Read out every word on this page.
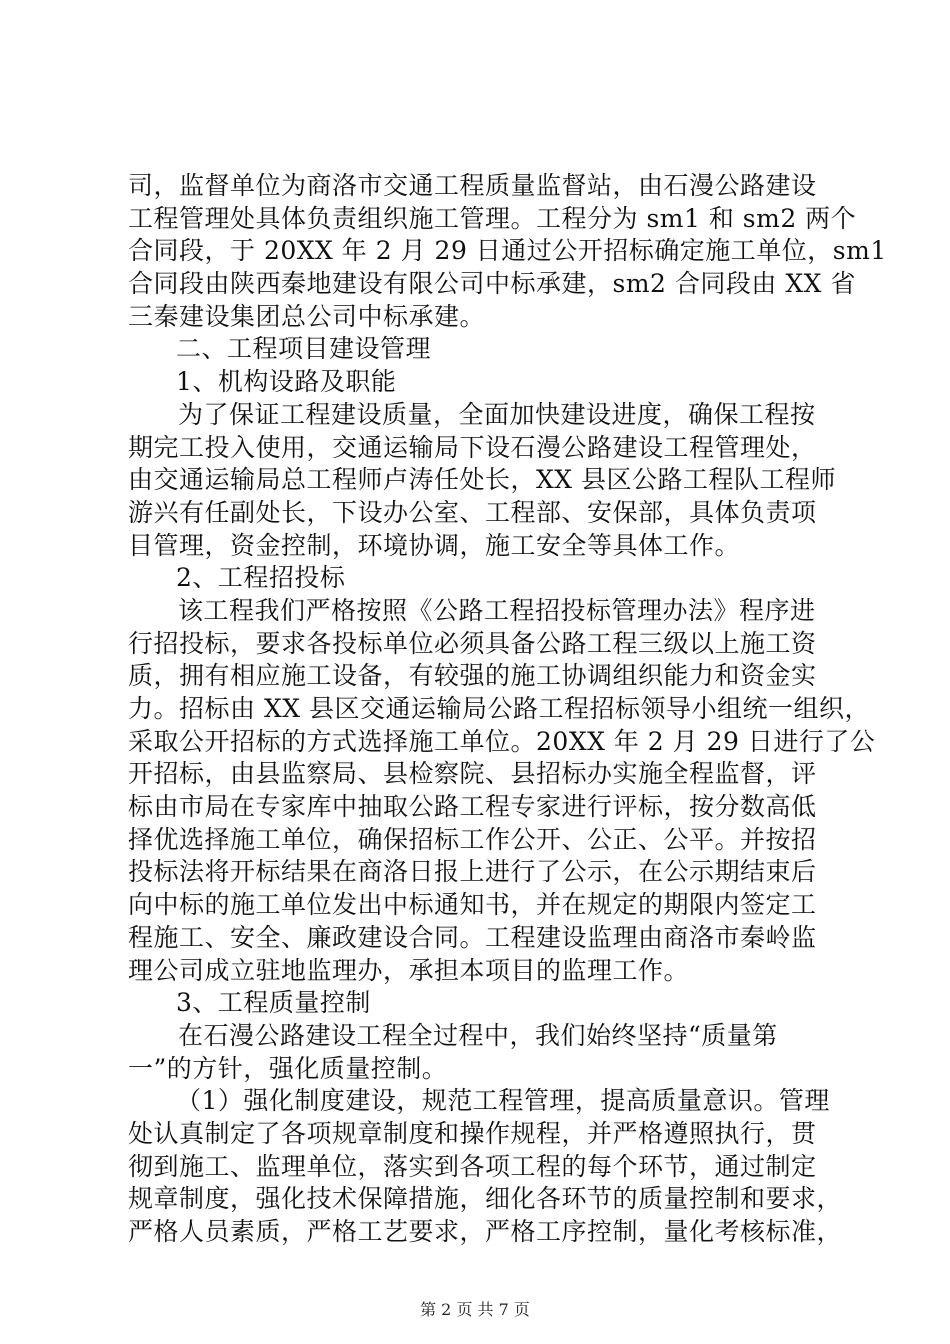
司，监督单位为商洛市交通工程质量监督站，由石漫公路建设
工程管理处具体负责组织施工管理。工程分为 sm1 和 sm2 两个
合同段，于 20XX 年 2 月 29 日通过公开招标确定施工单位，sm1
合同段由陕西秦地建设有限公司中标承建，sm2 合同段由 XX 省
三秦建设集团总公司中标承建。
二、工程项目建设管理
1、机构设路及职能
为了保证工程建设质量，全面加快建设进度，确保工程按
期完工投入使用，交通运输局下设石漫公路建设工程管理处，
由交通运输局总工程师卢涛任处长，XX 县区公路工程队工程师
游兴有任副处长，下设办公室、工程部、安保部，具体负责项
目管理，资金控制，环境协调，施工安全等具体工作。
2、工程招投标
该工程我们严格按照《公路工程招投标管理办法》程序进
行招投标，要求各投标单位必须具备公路工程三级以上施工资
质，拥有相应施工设备，有较强的施工协调组织能力和资金实
力。招标由 XX 县区交通运输局公路工程招标领导小组统一组织，
采取公开招标的方式选择施工单位。20XX 年 2 月 29 日进行了公
开招标，由县监察局、县检察院、县招标办实施全程监督，评
标由市局在专家库中抽取公路工程专家进行评标，按分数高低
择优选择施工单位，确保招标工作公开、公正、公平。并按招
投标法将开标结果在商洛日报上进行了公示，在公示期结束后
向中标的施工单位发出中标通知书，并在规定的期限内签定工
程施工、安全、廉政建设合同。工程建设监理由商洛市秦岭监
理公司成立驻地监理办，承担本项目的监理工作。
3、工程质量控制
在石漫公路建设工程全过程中，我们始终坚持“质量第
一”的方针，强化质量控制。
（1）强化制度建设，规范工程管理，提高质量意识。管理
处认真制定了各项规章制度和操作规程，并严格遵照执行，贯
彻到施工、监理单位，落实到各项工程的每个环节，通过制定
规章制度，强化技术保障措施，细化各环节的质量控制和要求，
严格人员素质，严格工艺要求，严格工序控制，量化考核标准，
第 2 页 共 7 页
